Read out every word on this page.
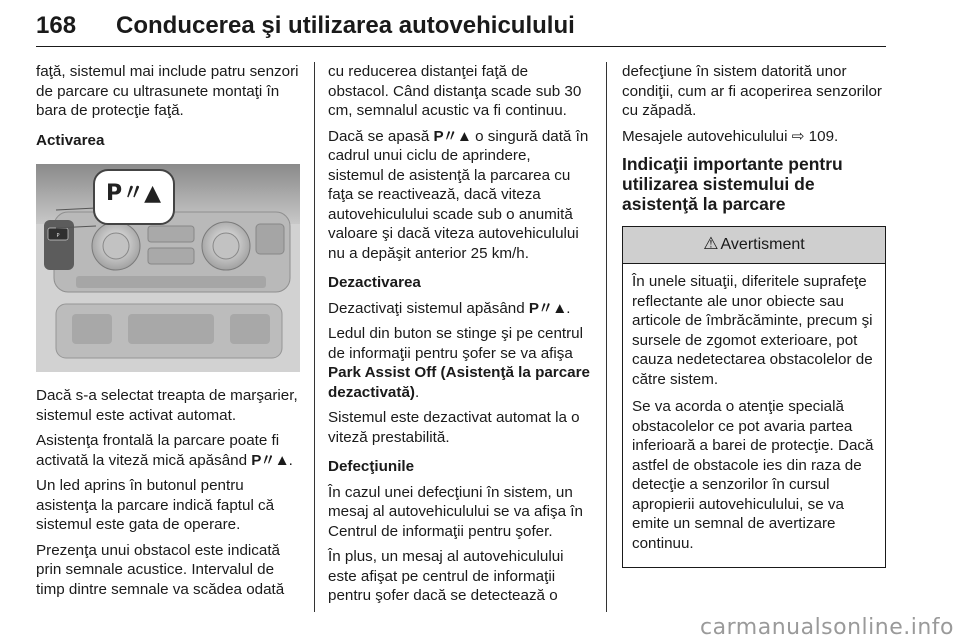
168 Conducerea şi utilizarea autovehiculului

faţă, sistemul mai include patru senzori de parcare cu ultrasunete montaţi în bara de protecţie faţă.

Activarea

P
P〃▲

Dacă s-a selectat treapta de marşarier, sistemul este activat automat.

Asistenţa frontală la parcare poate fi activată la viteză mică apăsând P〃▲.

Un led aprins în butonul pentru asistenţa la parcare indică faptul că sistemul este gata de operare.

Prezenţa unui obstacol este indicată prin semnale acustice. Intervalul de timp dintre semnale va scădea odată

cu reducerea distanţei faţă de obstacol. Când distanţa scade sub 30 cm, semnalul acustic va fi continuu.

Dacă se apasă P〃▲ o singură dată în cadrul unui ciclu de aprindere, sistemul de asistenţă la parcarea cu faţa se reactivează, dacă viteza autovehiculului scade sub o anumită valoare şi dacă viteza autovehiculului nu a depăşit anterior 25 km/h.

Dezactivarea

Dezactivaţi sistemul apăsând P〃▲.

Ledul din buton se stinge şi pe centrul de informaţii pentru şofer se va afişa Park Assist Off (Asistenţă la parcare dezactivată).

Sistemul este dezactivat automat la o viteză prestabilită.

Defecţiunile

În cazul unei defecţiuni în sistem, un mesaj al autovehiculului se va afişa în Centrul de informaţii pentru şofer.

În plus, un mesaj al autovehiculului este afişat pe centrul de informaţii pentru şofer dacă se detectează o

defecţiune în sistem datorită unor condiţii, cum ar fi acoperirea senzorilor cu zăpadă.

Mesajele autovehiculului ⇨ 109.

Indicaţii importante pentru utilizarea sistemului de asistenţă la parcare

⚠ Avertisment

În unele situaţii, diferitele suprafeţe reflectante ale unor obiecte sau articole de îmbrăcăminte, precum şi sursele de zgomot exterioare, pot cauza nedetectarea obstacolelor de către sistem.

Se va acorda o atenţie specială obstacolelor ce pot avaria partea inferioară a barei de protecţie. Dacă astfel de obstacole ies din raza de detecţie a senzorilor în cursul apropierii autovehiculului, se va emite un semnal de avertizare continuu.

carmanualsonline.info
